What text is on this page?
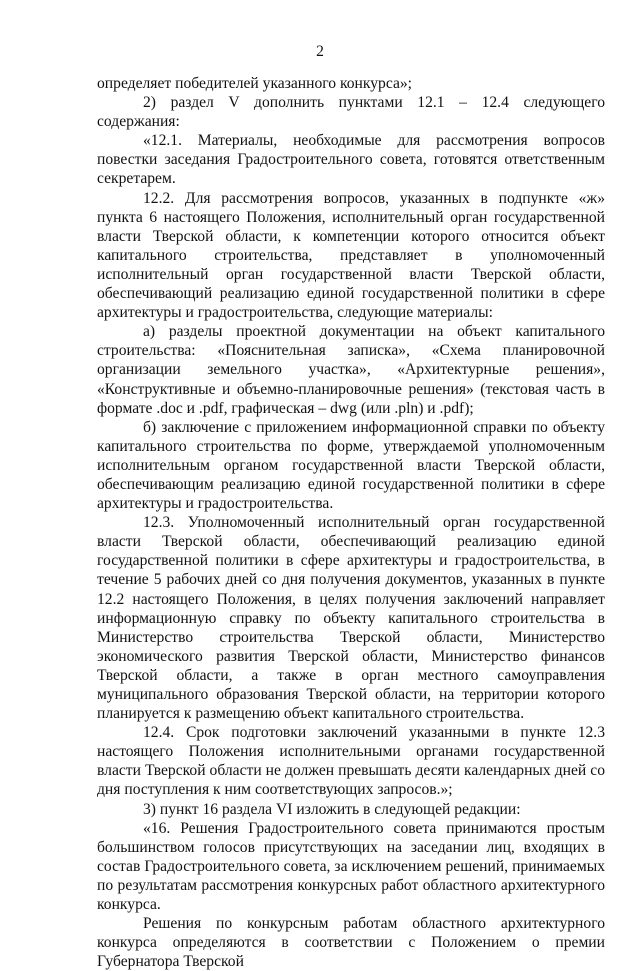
2

определяет победителей указанного конкурса»;

2) раздел V дополнить пунктами 12.1 – 12.4 следующего содержания:

«12.1. Материалы, необходимые для рассмотрения вопросов повестки заседания Градостроительного совета, готовятся ответственным секретарем.

12.2. Для рассмотрения вопросов, указанных в подпункте «ж» пункта 6 настоящего Положения, исполнительный орган государственной власти Тверской области, к компетенции которого относится объект капитального строительства, представляет в уполномоченный исполнительный орган государственной власти Тверской области, обеспечивающий реализацию единой государственной политики в сфере архитектуры и градостроительства, следующие материалы:

а) разделы проектной документации на объект капитального строительства: «Пояснительная записка», «Схема планировочной организации земельного участка», «Архитектурные решения», «Конструктивные и объемно-планировочные решения» (текстовая часть в формате .doc и .pdf, графическая – dwg (или .pln) и .pdf);

б) заключение с приложением информационной справки по объекту капитального строительства по форме, утверждаемой уполномоченным исполнительным органом государственной власти Тверской области, обеспечивающим реализацию единой государственной политики в сфере архитектуры и градостроительства.

12.3. Уполномоченный исполнительный орган государственной власти Тверской области, обеспечивающий реализацию единой государственной политики в сфере архитектуры и градостроительства, в течение 5 рабочих дней со дня получения документов, указанных в пункте 12.2 настоящего Положения, в целях получения заключений направляет информационную справку по объекту капитального строительства в Министерство строительства Тверской области, Министерство экономического развития Тверской области, Министерство финансов Тверской области, а также в орган местного самоуправления муниципального образования Тверской области, на территории которого планируется к размещению объект капитального строительства.

12.4. Срок подготовки заключений указанными в пункте 12.3 настоящего Положения исполнительными органами государственной власти Тверской области не должен превышать десяти календарных дней со дня поступления к ним соответствующих запросов.»;

3) пункт 16 раздела VI изложить в следующей редакции:

«16. Решения Градостроительного совета принимаются простым большинством голосов присутствующих на заседании лиц, входящих в состав Градостроительного совета, за исключением решений, принимаемых по результатам рассмотрения конкурсных работ областного архитектурного конкурса.

Решения по конкурсным работам областного архитектурного конкурса определяются в соответствии с Положением о премии Губернатора Тверской
